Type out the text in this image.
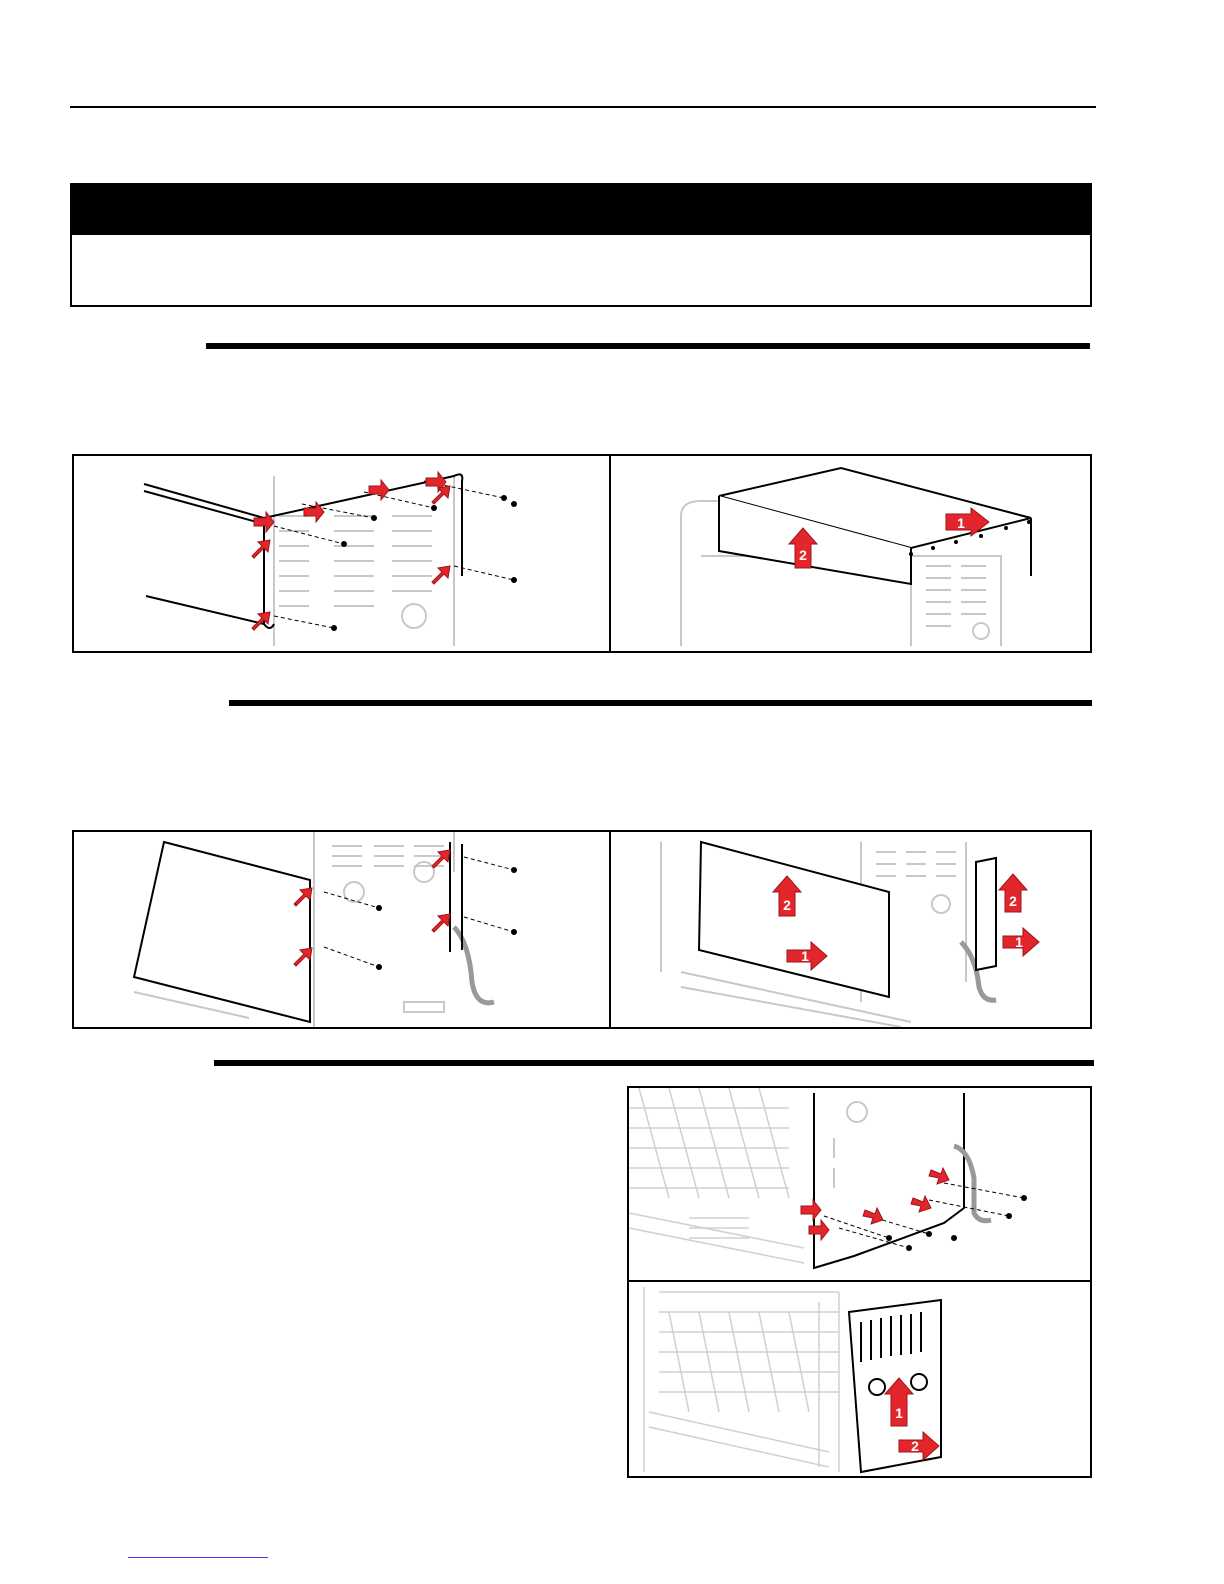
2
1
2
1
2
1
1
2
